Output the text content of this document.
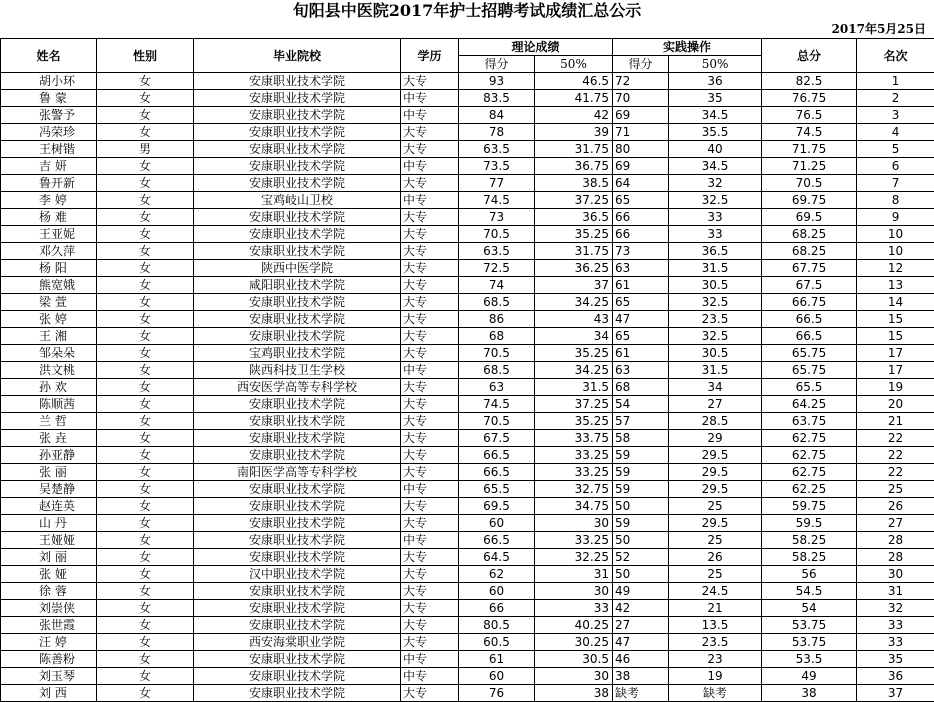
旬阳县中医院2017年护士招聘考试成绩汇总公示
2017年5月25日
姓名	性别	毕业院校	学历	理论成绩		实践操作		总分	名次
				得分	50%	得分	50%		
胡小环	女	安康职业技术学院	大专	93	46.5	72	36	82.5	1
鲁 蒙	女	安康职业技术学院	中专	83.5	41.75	70	35	76.75	2
张警予	女	安康职业技术学院	中专	84	42	69	34.5	76.5	3
冯荣珍	女	安康职业技术学院	大专	78	39	71	35.5	74.5	4
王树锴	男	安康职业技术学院	大专	63.5	31.75	80	40	71.75	5
吉 妍	女	安康职业技术学院	中专	73.5	36.75	69	34.5	71.25	6
鲁开新	女	安康职业技术学院	大专	77	38.5	64	32	70.5	7
李 婷	女	宝鸡岐山卫校	中专	74.5	37.25	65	32.5	69.75	8
杨 难	女	安康职业技术学院	大专	73	36.5	66	33	69.5	9
王亚妮	女	安康职业技术学院	大专	70.5	35.25	66	33	68.25	10
邓久萍	女	安康职业技术学院	大专	63.5	31.75	73	36.5	68.25	10
杨 阳	女	陕西中医学院	大专	72.5	36.25	63	31.5	67.75	12
熊宽娥	女	咸阳职业技术学院	大专	74	37	61	30.5	67.5	13
梁 萱	女	安康职业技术学院	大专	68.5	34.25	65	32.5	66.75	14
张 婷	女	安康职业技术学院	大专	86	43	47	23.5	66.5	15
王 湘	女	安康职业技术学院	大专	68	34	65	32.5	66.5	15
邹朵朵	女	宝鸡职业技术学院	大专	70.5	35.25	61	30.5	65.75	17
洪文桃	女	陕西科技卫生学校	中专	68.5	34.25	63	31.5	65.75	17
孙 欢	女	西安医学高等专科学校	大专	63	31.5	68	34	65.5	19
陈顺茜	女	安康职业技术学院	大专	74.5	37.25	54	27	64.25	20
兰 哲	女	安康职业技术学院	大专	70.5	35.25	57	28.5	63.75	21
张 垚	女	安康职业技术学院	大专	67.5	33.75	58	29	62.75	22
孙亚静	女	安康职业技术学院	大专	66.5	33.25	59	29.5	62.75	22
张 丽	女	南阳医学高等专科学校	大专	66.5	33.25	59	29.5	62.75	22
吴楚静	女	安康职业技术学院	中专	65.5	32.75	59	29.5	62.25	25
赵连英	女	安康职业技术学院	大专	69.5	34.75	50	25	59.75	26
山 丹	女	安康职业技术学院	大专	60	30	59	29.5	59.5	27
王娅娅	女	安康职业技术学院	中专	66.5	33.25	50	25	58.25	28
刘 丽	女	安康职业技术学院	大专	64.5	32.25	52	26	58.25	28
张 娅	女	汉中职业技术学院	大专	62	31	50	25	56	30
徐 蓉	女	安康职业技术学院	大专	60	30	49	24.5	54.5	31
刘崇侠	女	安康职业技术学院	大专	66	33	42	21	54	32
张世霞	女	安康职业技术学院	大专	80.5	40.25	27	13.5	53.75	33
汪 婷	女	西安海棠职业学院	大专	60.5	30.25	47	23.5	53.75	33
陈善粉	女	安康职业技术学院	中专	61	30.5	46	23	53.5	35
刘玉琴	女	安康职业技术学院	中专	60	30	38	19	49	36
刘 西	女	安康职业技术学院	大专	76	38	缺考	缺考	38	37
